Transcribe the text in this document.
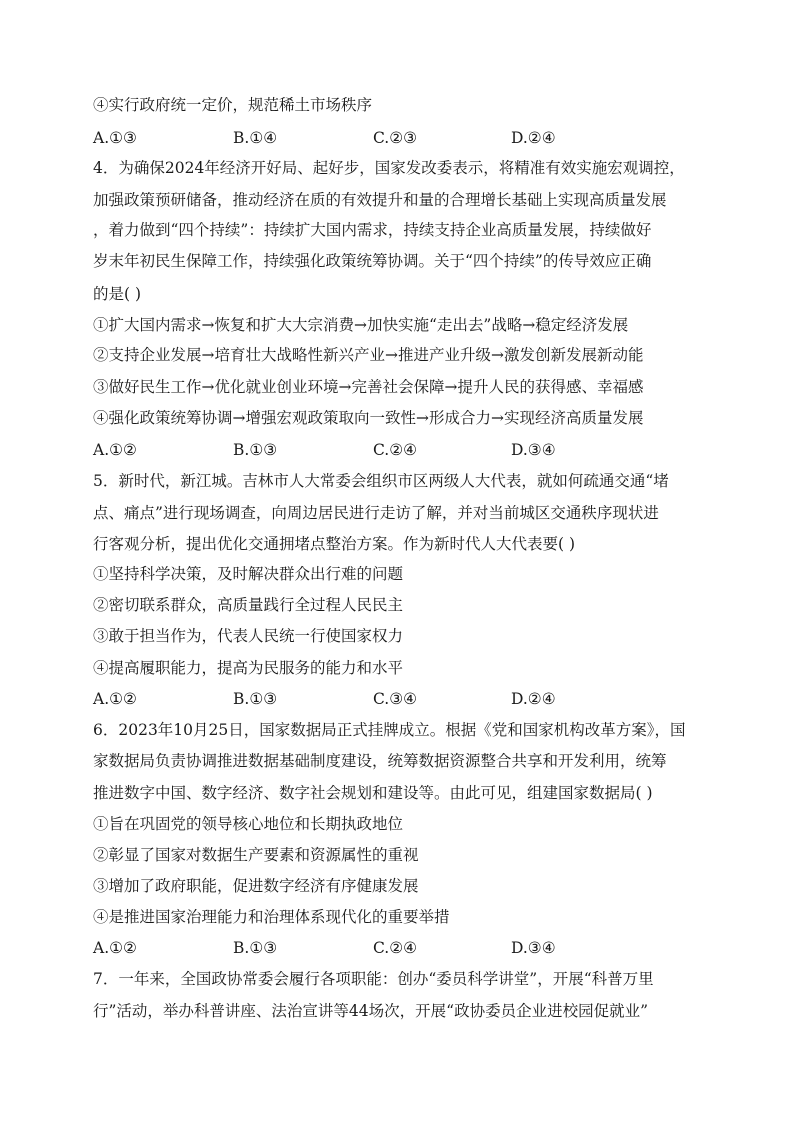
④实行政府统一定价，规范稀土市场秩序
A.①③	B.①④	C.②③	D.②④
4．为确保2024年经济开好局、起好步，国家发改委表示，将精准有效实施宏观调控，
加强政策预研储备，推动经济在质的有效提升和量的合理增长基础上实现高质量发展
，着力做到“四个持续”：持续扩大国内需求，持续支持企业高质量发展，持续做好
岁末年初民生保障工作，持续强化政策统筹协调。关于“四个持续”的传导效应正确
的是( )
①扩大国内需求→恢复和扩大大宗消费→加快实施“走出去”战略→稳定经济发展
②支持企业发展→培育壮大战略性新兴产业→推进产业升级→激发创新发展新动能
③做好民生工作→优化就业创业环境→完善社会保障→提升人民的获得感、幸福感
④强化政策统筹协调→增强宏观政策取向一致性→形成合力→实现经济高质量发展
A.①②	B.①③	C.②④	D.③④
5．新时代，新江城。吉林市人大常委会组织市区两级人大代表，就如何疏通交通“堵
点、痛点”进行现场调查，向周边居民进行走访了解，并对当前城区交通秩序现状进
行客观分析，提出优化交通拥堵点整治方案。作为新时代人大代表要( )
①坚持科学决策，及时解决群众出行难的问题
②密切联系群众，高质量践行全过程人民民主
③敢于担当作为，代表人民统一行使国家权力
④提高履职能力，提高为民服务的能力和水平
A.①②	B.①③	C.③④	D.②④
6．2023年10月25日，国家数据局正式挂牌成立。根据《党和国家机构改革方案》，国
家数据局负责协调推进数据基础制度建设，统筹数据资源整合共享和开发利用，统筹
推进数字中国、数字经济、数字社会规划和建设等。由此可见，组建国家数据局( )
①旨在巩固党的领导核心地位和长期执政地位
②彰显了国家对数据生产要素和资源属性的重视
③增加了政府职能，促进数字经济有序健康发展
④是推进国家治理能力和治理体系现代化的重要举措
A.①②	B.①③	C.②④	D.③④
7．一年来，全国政协常委会履行各项职能：创办“委员科学讲堂”，开展“科普万里
行”活动，举办科普讲座、法治宣讲等44场次，开展“政协委员企业进校园促就业”
